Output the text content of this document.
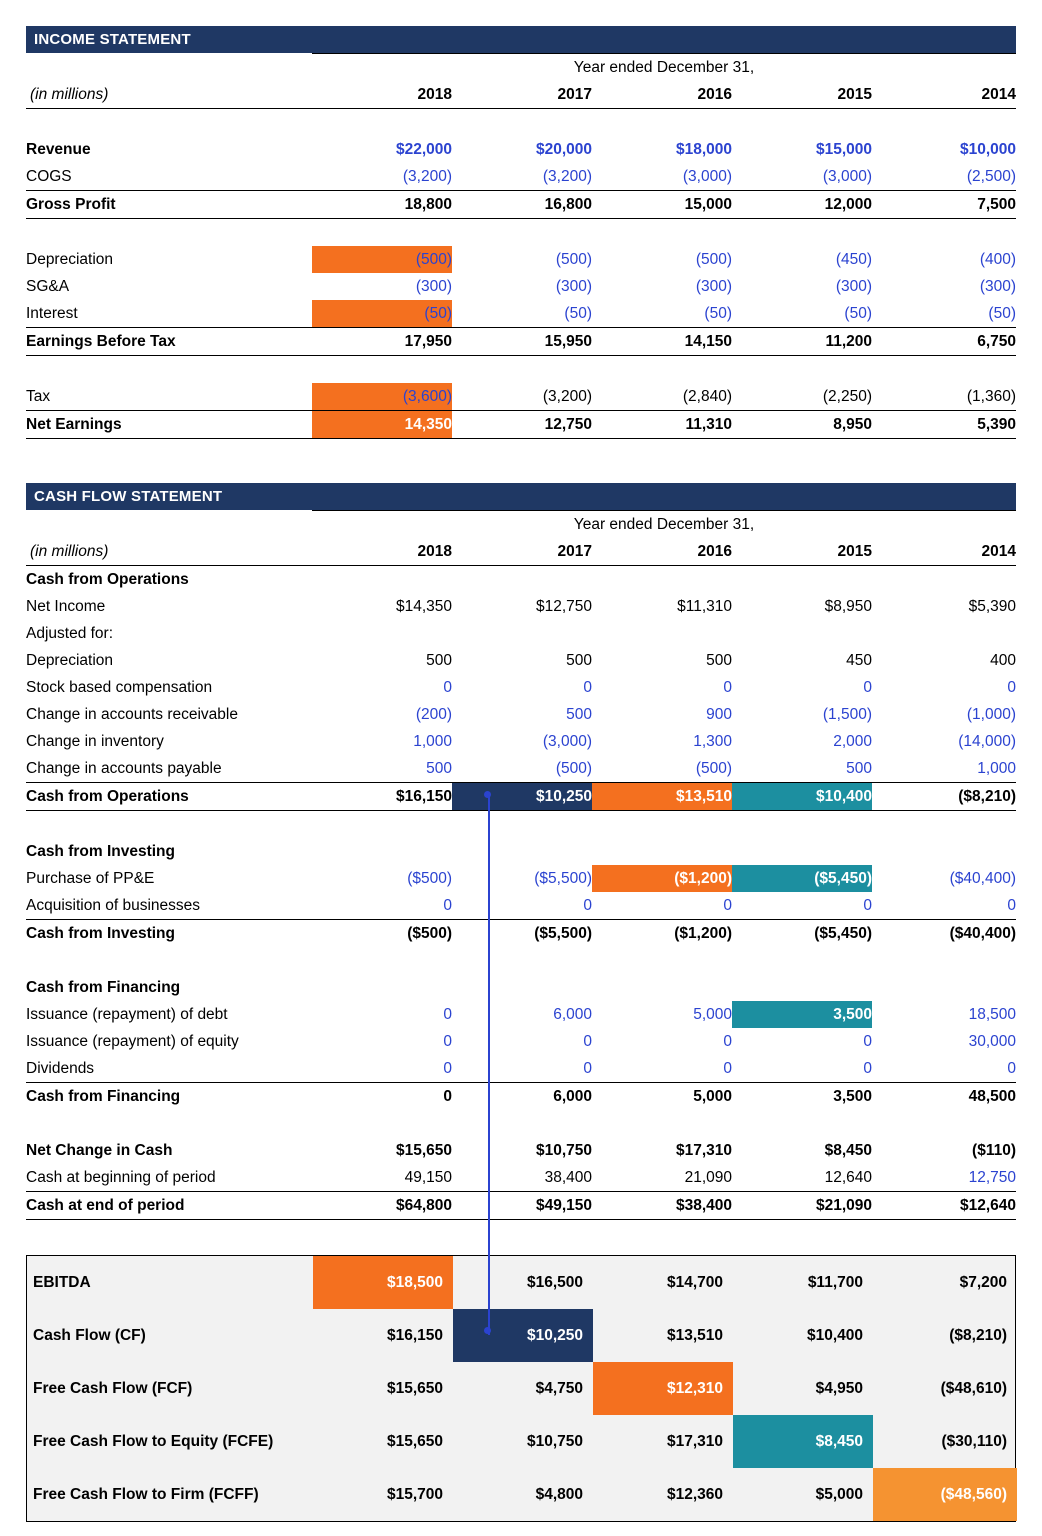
INCOME STATEMENT
	Year ended December 31,				
(in millions)	2018	2017	2016	2015	2014

Revenue	$22,000	$20,000	$18,000	$15,000	$10,000
COGS	(3,200)	(3,200)	(3,000)	(3,000)	(2,500)
Gross Profit	18,800	16,800	15,000	12,000	7,500

Depreciation	(500)	(500)	(500)	(450)	(400)
SG&A	(300)	(300)	(300)	(300)	(300)
Interest	(50)	(50)	(50)	(50)	(50)
Earnings Before Tax	17,950	15,950	14,150	11,200	6,750

Tax	(3,600)	(3,200)	(2,840)	(2,250)	(1,360)
Net Earnings	14,350	12,750	11,310	8,950	5,390
CASH FLOW STATEMENT
	Year ended December 31,				
(in millions)	2018	2017	2016	2015	2014
Cash from Operations					
Net Income	$14,350	$12,750	$11,310	$8,950	$5,390
Adjusted for:					
Depreciation	500	500	500	450	400
Stock based compensation	0	0	0	0	0
Change in accounts receivable	(200)	500	900	(1,500)	(1,000)
Change in inventory	1,000	(3,000)	1,300	2,000	(14,000)
Change in accounts payable	500	(500)	(500)	500	1,000
Cash from Operations	$16,150	$10,250	$13,510	$10,400	($8,210)

Cash from Investing					
Purchase of PP&E	($500)	($5,500)	($1,200)	($5,450)	($40,400)
Acquisition of businesses	0	0	0	0	0
Cash from Investing	($500)	($5,500)	($1,200)	($5,450)	($40,400)

Cash from Financing					
Issuance (repayment) of debt	0	6,000	5,000	3,500	18,500
Issuance (repayment) of equity	0	0	0	0	30,000
Dividends	0	0	0	0	0
Cash from Financing	0	6,000	5,000	3,500	48,500

Net Change in Cash	$15,650	$10,750	$17,310	$8,450	($110)
Cash at beginning of period	49,150	38,400	21,090	12,640	12,750
Cash at end of period	$64,800	$49,150	$38,400	$21,090	$12,640
EBITDA	$18,500	$16,500	$14,700	$11,700	$7,200
Cash Flow (CF)	$16,150	$10,250	$13,510	$10,400	($8,210)
Free Cash Flow (FCF)	$15,650	$4,750	$12,310	$4,950	($48,610)
Free Cash Flow to Equity (FCFE)	$15,650	$10,750	$17,310	$8,450	($30,110)
Free Cash Flow to Firm (FCFF)	$15,700	$4,800	$12,360	$5,000	($48,560)
